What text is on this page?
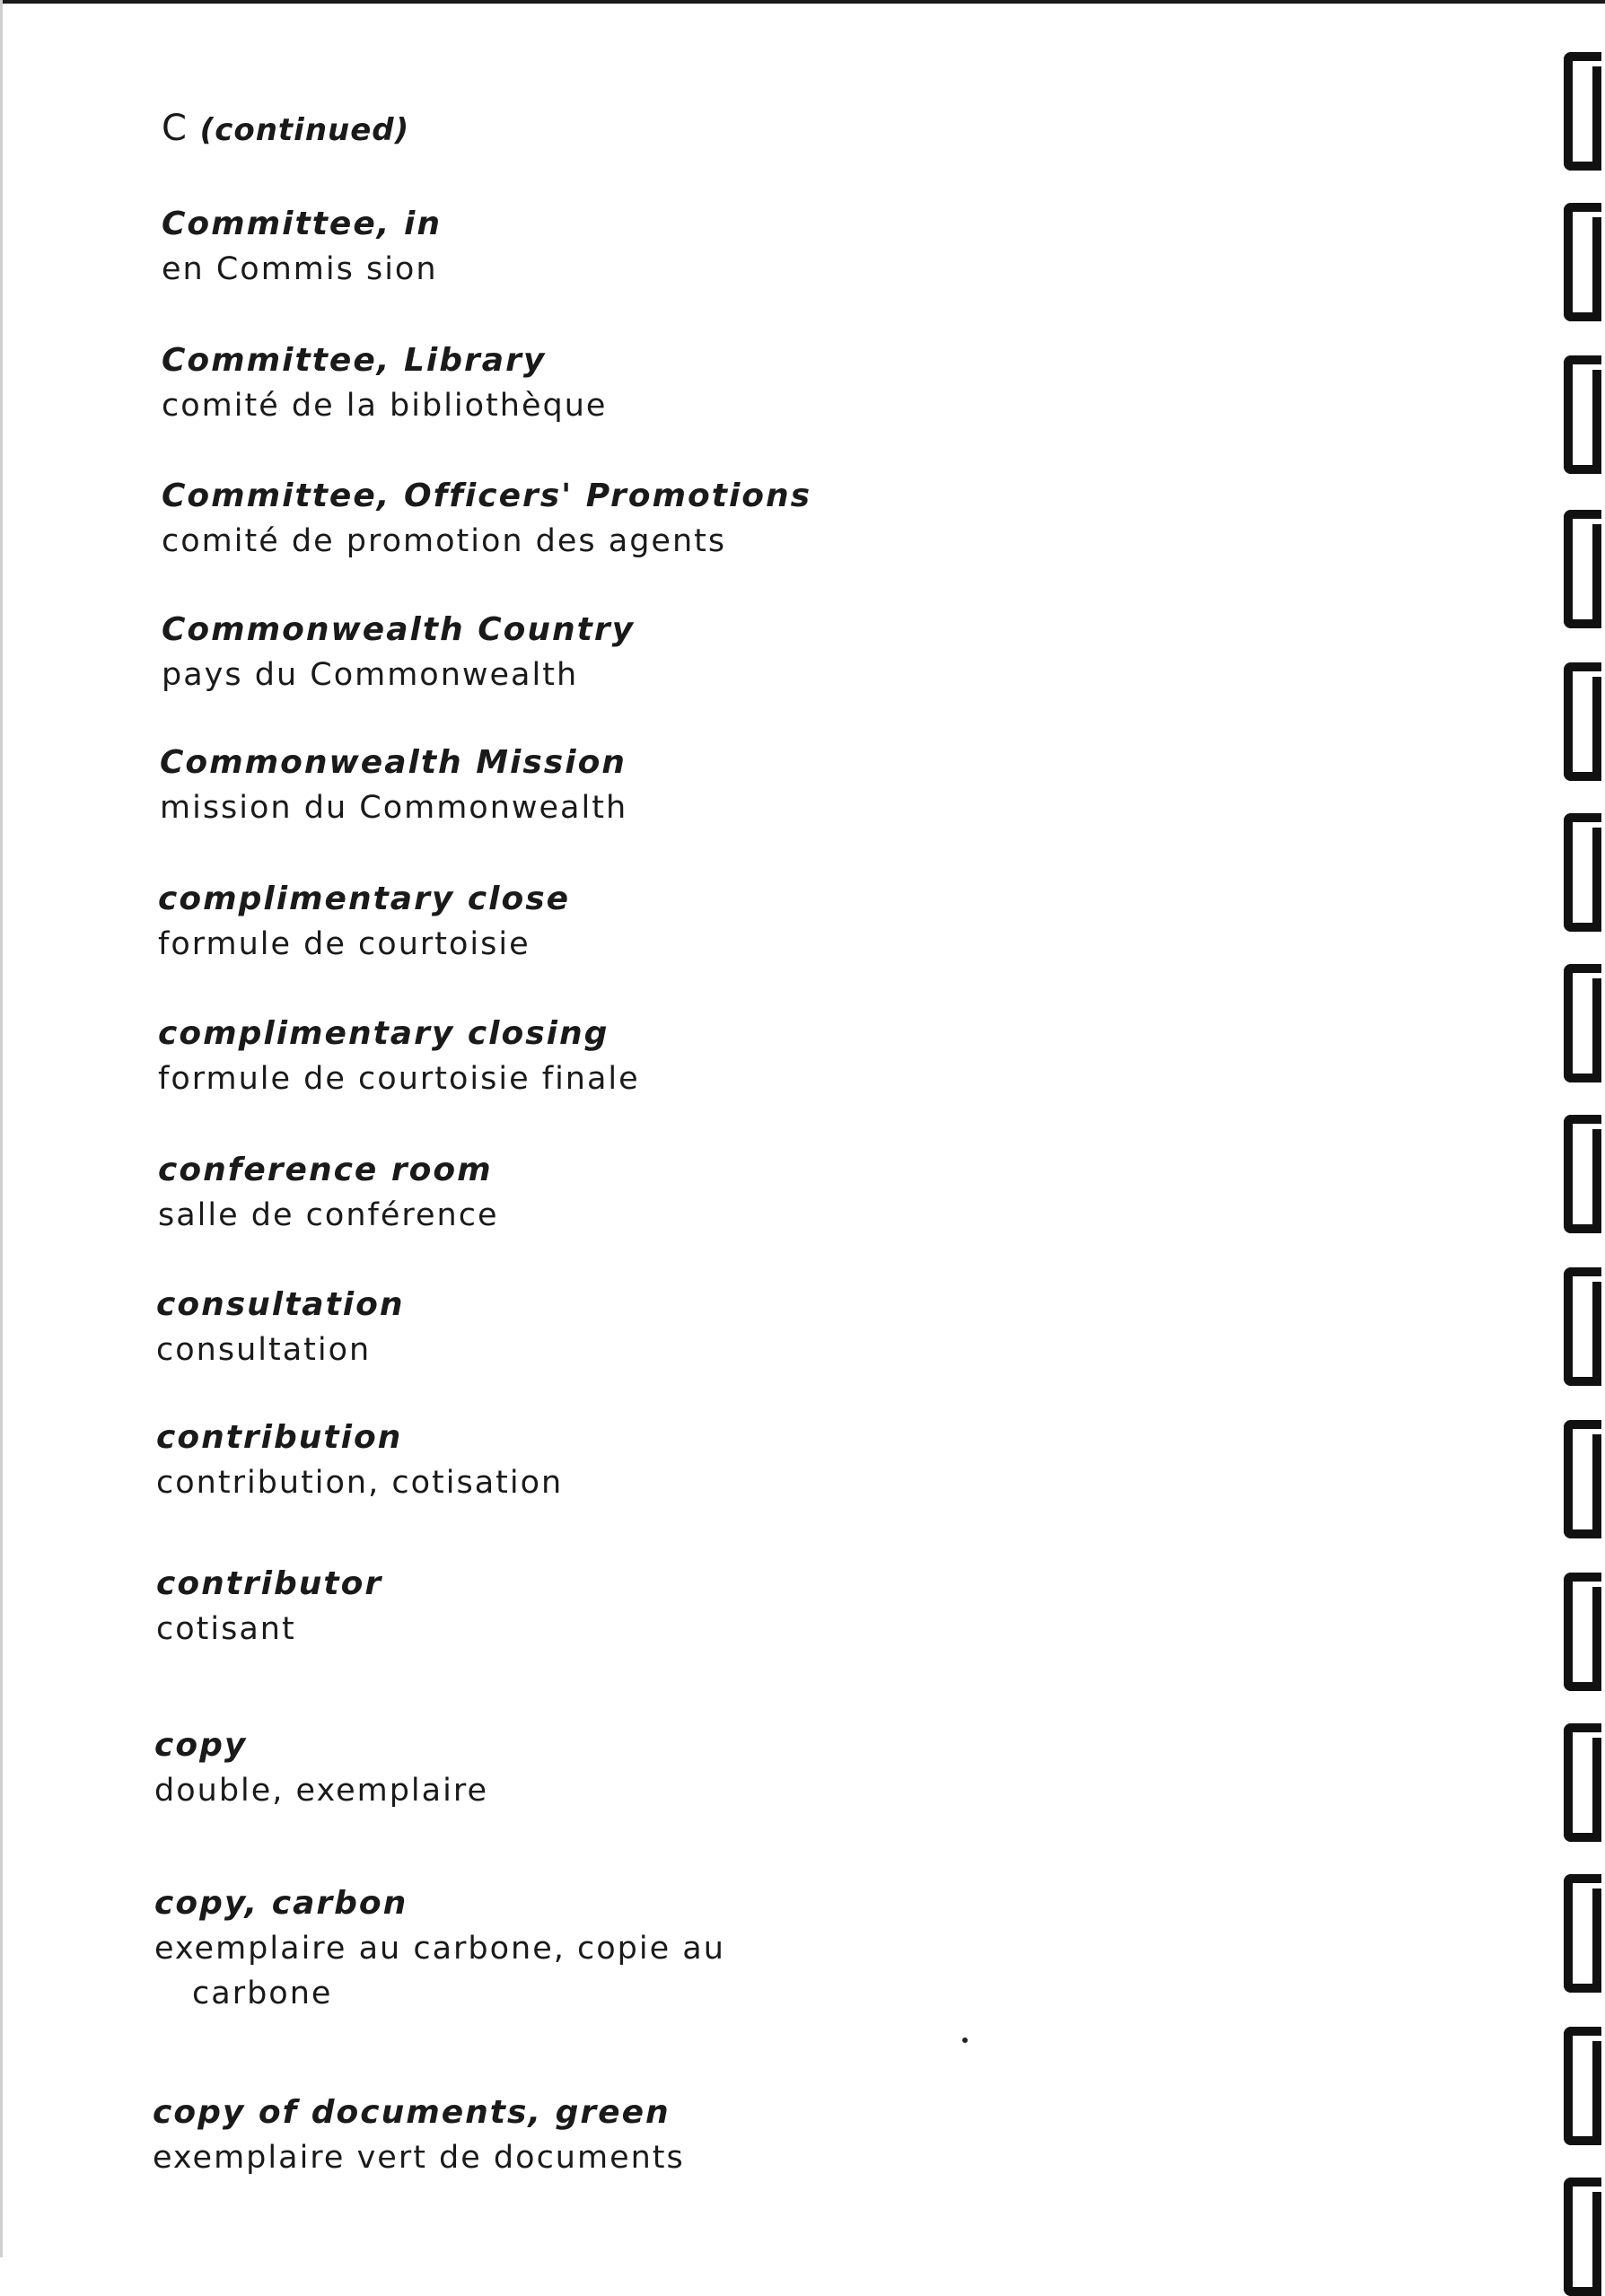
C (continued)
Committee, in
en Commis sion
Committee, Library
comité de la bibliothèque
Committee, Officers' Promotions
comité de promotion des agents
Commonwealth Country
pays du Commonwealth
Commonwealth Mission
mission du Commonwealth
complimentary close
formule de courtoisie
complimentary closing
formule de courtoisie finale
conference room
salle de conférence
consultation
consultation
contribution
contribution, cotisation
contributor
cotisant
copy
double, exemplaire
copy, carbon
exemplaire au carbone, copie au
carbone
copy of documents, green
exemplaire vert de documents
